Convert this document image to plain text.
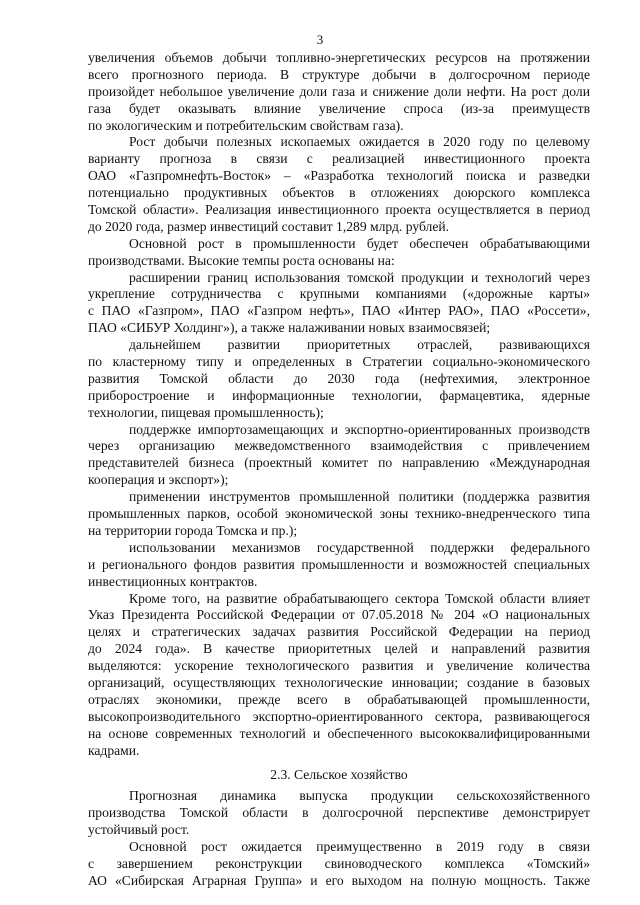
3
увеличения объемов добычи топливно-энергетических ресурсов на протяжении
всего прогнозного периода. В структуре добычи в долгосрочном периоде
произойдет небольшое увеличение доли газа и снижение доли нефти. На рост доли
газа будет оказывать влияние увеличение спроса (из-за преимуществ
по экологическим и потребительским свойствам газа).
Рост добычи полезных ископаемых ожидается в 2020 году по целевому
варианту прогноза в связи с реализацией инвестиционного проекта
ОАО «Газпромнефть-Восток» – «Разработка технологий поиска и разведки
потенциально продуктивных объектов в отложениях доюрского комплекса
Томской области». Реализация инвестиционного проекта осуществляется в период
до 2020 года, размер инвестиций составит 1,289 млрд. рублей.
Основной рост в промышленности будет обеспечен обрабатывающими
производствами. Высокие темпы роста основаны на:
расширении границ использования томской продукции и технологий через
укрепление сотрудничества с крупными компаниями («дорожные карты»
с ПАО «Газпром», ПАО «Газпром нефть», ПАО «Интер РАО», ПАО «Россети»,
ПАО «СИБУР Холдинг»), а также налаживании новых взаимосвязей;
дальнейшем развитии приоритетных отраслей, развивающихся
по кластерному типу и определенных в Стратегии социально-экономического
развития Томской области до 2030 года (нефтехимия, электронное
приборостроение и информационные технологии, фармацевтика, ядерные
технологии, пищевая промышленность);
поддержке импортозамещающих и экспортно-ориентированных производств
через организацию межведомственного взаимодействия с привлечением
представителей бизнеса (проектный комитет по направлению «Международная
кооперация и экспорт»);
применении инструментов промышленной политики (поддержка развития
промышленных парков, особой экономической зоны технико-внедренческого типа
на территории города Томска и пр.);
использовании механизмов государственной поддержки федерального
и регионального фондов развития промышленности и возможностей специальных
инвестиционных контрактов.
Кроме того, на развитие обрабатывающего сектора Томской области влияет
Указ Президента Российской Федерации от 07.05.2018 № 204 «О национальных
целях и стратегических задачах развития Российской Федерации на период
до 2024 года». В качестве приоритетных целей и направлений развития
выделяются: ускорение технологического развития и увеличение количества
организаций, осуществляющих технологические инновации; создание в базовых
отраслях экономики, прежде всего в обрабатывающей промышленности,
высокопроизводительного экспортно-ориентированного сектора, развивающегося
на основе современных технологий и обеспеченного высококвалифицированными
кадрами.
2.3. Сельское хозяйство
Прогнозная динамика выпуска продукции сельскохозяйственного
производства Томской области в долгосрочной перспективе демонстрирует
устойчивый рост.
Основной рост ожидается преимущественно в 2019 году в связи
с завершением реконструкции свиноводческого комплекса «Томский»
АО «Сибирская Аграрная Группа» и его выходом на полную мощность. Также
